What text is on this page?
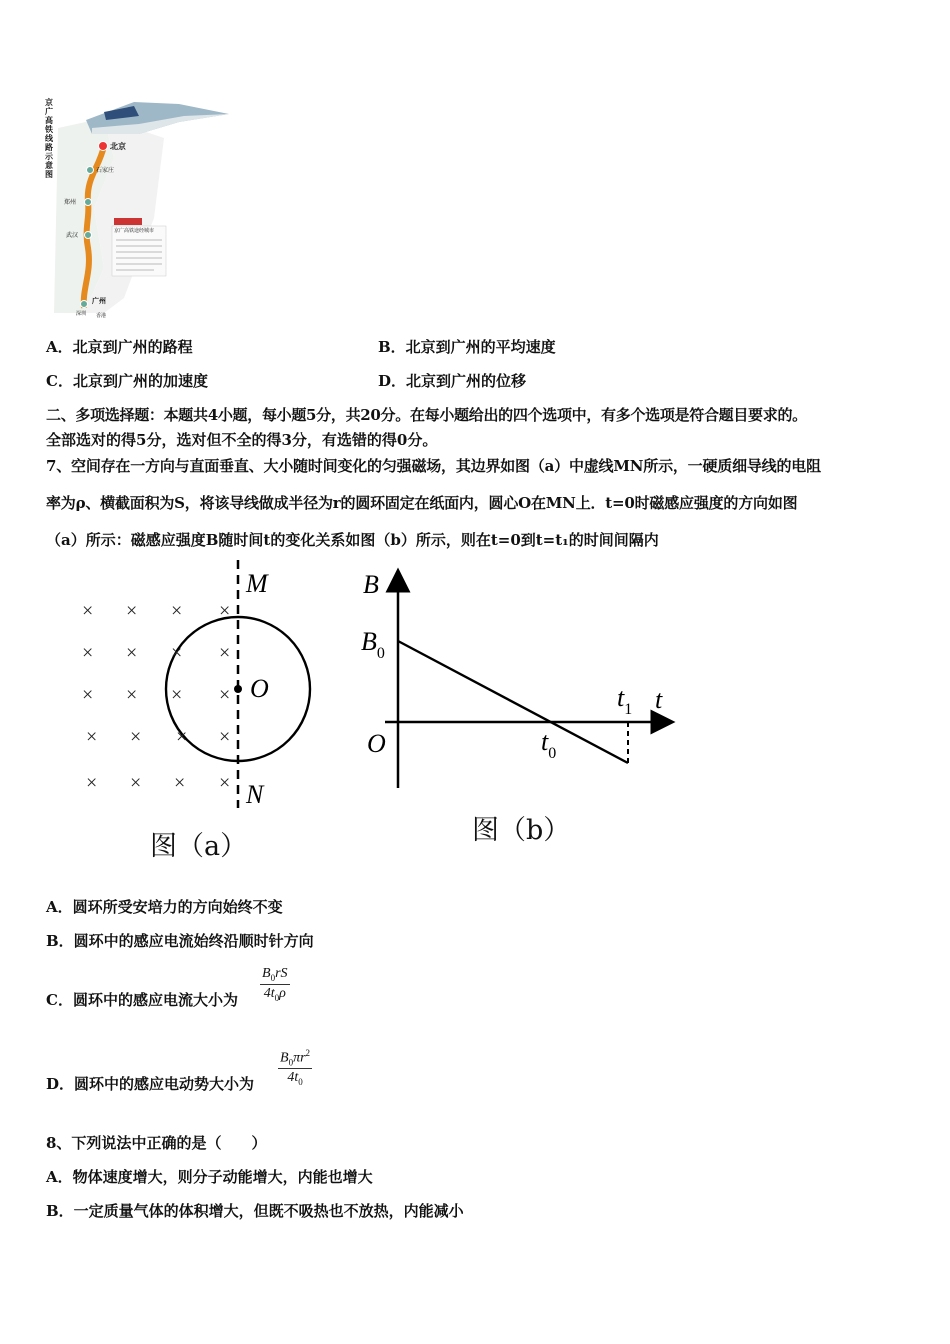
京广高铁线路示意图
北京
石家庄
郑州
武汉
广州
深圳 香港
京广高铁途经城市
A．北京到广州的路程	B．北京到广州的平均速度
C．北京到广州的加速度	D．北京到广州的位移
二、多项选择题：本题共4小题，每小题5分，共20分。在每小题给出的四个选项中，有多个选项是符合题目要求的。
全部选对的得5分，选对但不全的得3分，有选错的得0分。
7、空间存在一方向与直面垂直、大小随时间变化的匀强磁场，其边界如图（a）中虚线MN所示，一硬质细导线的电阻
率为ρ、横截面积为S，将该导线做成半径为r的圆环固定在纸面内，圆心O在MN上．t=0时磁感应强度的方向如图
（a）所示：磁感应强度B随时间t的变化关系如图（b）所示，则在t=0到t=t₁的时间间隔内
× × × ×
× × × ×
× × × ×
× × × ×
× × × ×
M
O
N
图（a）
B
$B_0$
O	$t_0$
$t_1$ t
图（b）
A．圆环所受安培力的方向始终不变
B．圆环中的感应电流始终沿顺时针方向
C．圆环中的感应电流大小为 $\frac{B_0rS}{4t_0\rho}$
D．圆环中的感应电动势大小为 $\frac{B_0\pi r^2}{4t_0}$
8、下列说法中正确的是（　　）
A．物体速度增大，则分子动能增大，内能也增大
B．一定质量气体的体积增大，但既不吸热也不放热，内能减小
